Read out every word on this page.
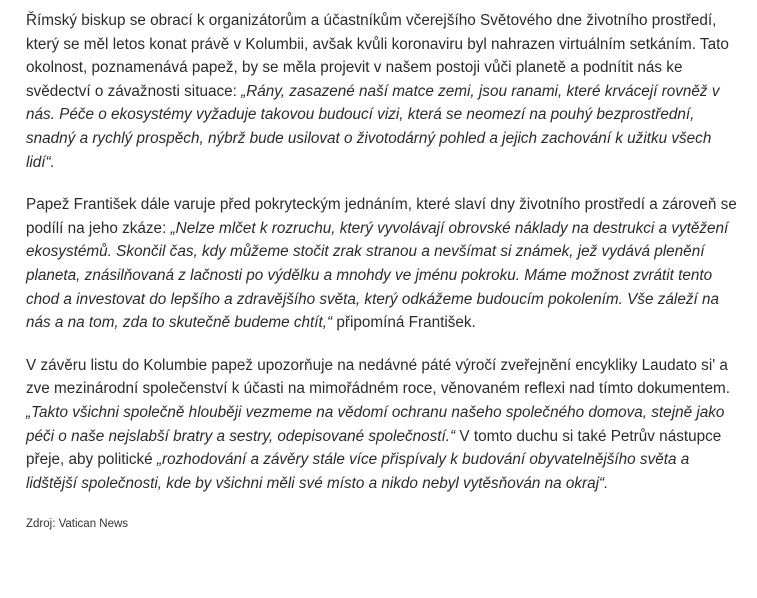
Římský biskup se obrací k organizátorům a účastníkům včerejšího Světového dne životního prostředí, který se měl letos konat právě v Kolumbii, avšak kvůli koronaviru byl nahrazen virtuálním setkáním. Tato okolnost, poznamenává papež, by se měla projevit v našem postoji vůči planetě a podnítit nás ke svědectví o závažnosti situace: „Rány, zasazené naší matce zemi, jsou ranami, které krvácejí rovněž v nás. Péče o ekosystémy vyžaduje takovou budoucí vizi, která se neomezí na pouhý bezprostřední, snadný a rychlý prospěch, nýbrž bude usilovat o životodárný pohled a jejich zachování k užitku všech lidí“.

Papež František dále varuje před pokryteckým jednáním, které slaví dny životního prostředí a zároveň se podílí na jeho zkáze: „Nelze mlčet k rozruchu, který vyvolávají obrovské náklady na destrukci a vytěžení ekosystémů. Skončil čas, kdy můžeme stočit zrak stranou a nevšímat si známek, jež vydává plenění planeta, znásilňovaná z lačnosti po výdělku a mnohdy ve jménu pokroku. Máme možnost zvrátit tento chod a investovat do lepšího a zdravějšího světa, který odkážeme budoucím pokolením. Vše záleží na nás a na tom, zda to skutečně budeme chtít,“ připomíná František.

V závěru listu do Kolumbie papež upozorňuje na nedávné páté výročí zveřejnění encykliky Laudato si' a zve mezinárodní společenství k účasti na mimořádném roce, věnovaném reflexi nad tímto dokumentem. „Takto všichni společně hlouběji vezmeme na vědomí ochranu našeho společného domova, stejně jako péči o naše nejslabší bratry a sestry, odepisované společností.“ V tomto duchu si také Petrův nástupce přeje, aby politické „rozhodování a závěry stále více přispívaly k budování obyvatelnějšího světa a lidštější společnosti, kde by všichni měli své místo a nikdo nebyl vytěsňován na okraj“.

Zdroj: Vatican News
